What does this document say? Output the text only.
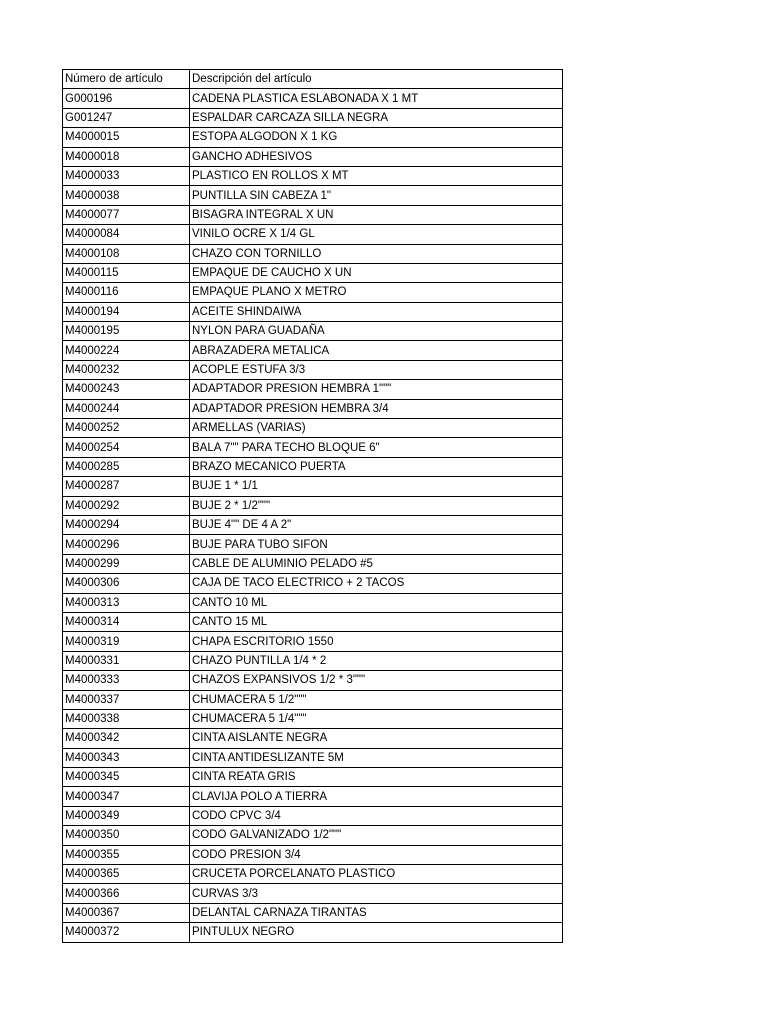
Número de artículo	Descripción del artículo
G000196	CADENA PLASTICA ESLABONADA X 1 MT
G001247	ESPALDAR CARCAZA SILLA NEGRA
M4000015	ESTOPA ALGODON X 1 KG
M4000018	GANCHO ADHESIVOS
M4000033	PLASTICO EN ROLLOS X MT
M4000038	PUNTILLA SIN CABEZA 1"
M4000077	BISAGRA INTEGRAL X UN
M4000084	VINILO OCRE X 1/4 GL
M4000108	CHAZO CON TORNILLO
M4000115	EMPAQUE DE CAUCHO X UN
M4000116	EMPAQUE PLANO X METRO
M4000194	ACEITE SHINDAIWA
M4000195	NYLON PARA GUADAÑA
M4000224	ABRAZADERA METALICA
M4000232	ACOPLE ESTUFA 3/3
M4000243	ADAPTADOR PRESION HEMBRA 1"""
M4000244	ADAPTADOR PRESION HEMBRA 3/4
M4000252	ARMELLAS (VARIAS)
M4000254	BALA 7"" PARA TECHO BLOQUE 6"
M4000285	BRAZO MECANICO PUERTA
M4000287	BUJE 1 * 1/1
M4000292	BUJE 2 * 1/2"""
M4000294	BUJE 4"" DE 4 A 2"
M4000296	BUJE PARA TUBO SIFON
M4000299	CABLE DE ALUMINIO PELADO #5
M4000306	CAJA DE TACO ELECTRICO + 2 TACOS
M4000313	CANTO 10 ML
M4000314	CANTO 15 ML
M4000319	CHAPA ESCRITORIO 1550
M4000331	CHAZO PUNTILLA 1/4 * 2
M4000333	CHAZOS EXPANSIVOS 1/2 * 3"""
M4000337	CHUMACERA 5 1/2"""
M4000338	CHUMACERA 5 1/4"""
M4000342	CINTA AISLANTE NEGRA
M4000343	CINTA ANTIDESLIZANTE 5M
M4000345	CINTA REATA GRIS
M4000347	CLAVIJA POLO A TIERRA
M4000349	CODO CPVC 3/4
M4000350	CODO GALVANIZADO 1/2"""
M4000355	CODO PRESION 3/4
M4000365	CRUCETA PORCELANATO PLASTICO
M4000366	CURVAS 3/3
M4000367	DELANTAL CARNAZA TIRANTAS
M4000372	PINTULUX NEGRO
